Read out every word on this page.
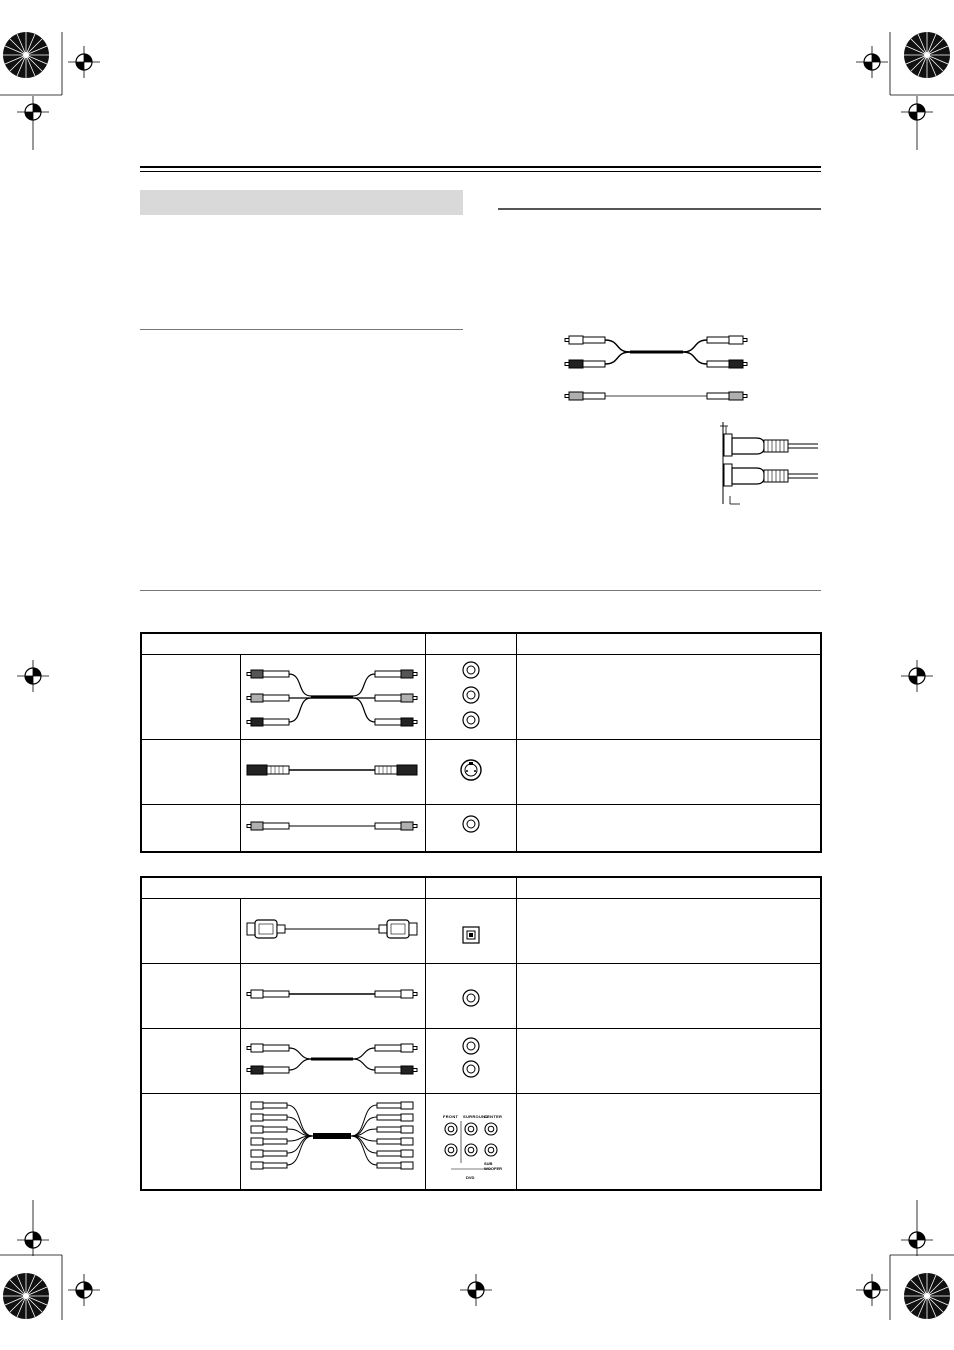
FRONT SURROUND
CENTER
SUB WOOFER
DVD	
